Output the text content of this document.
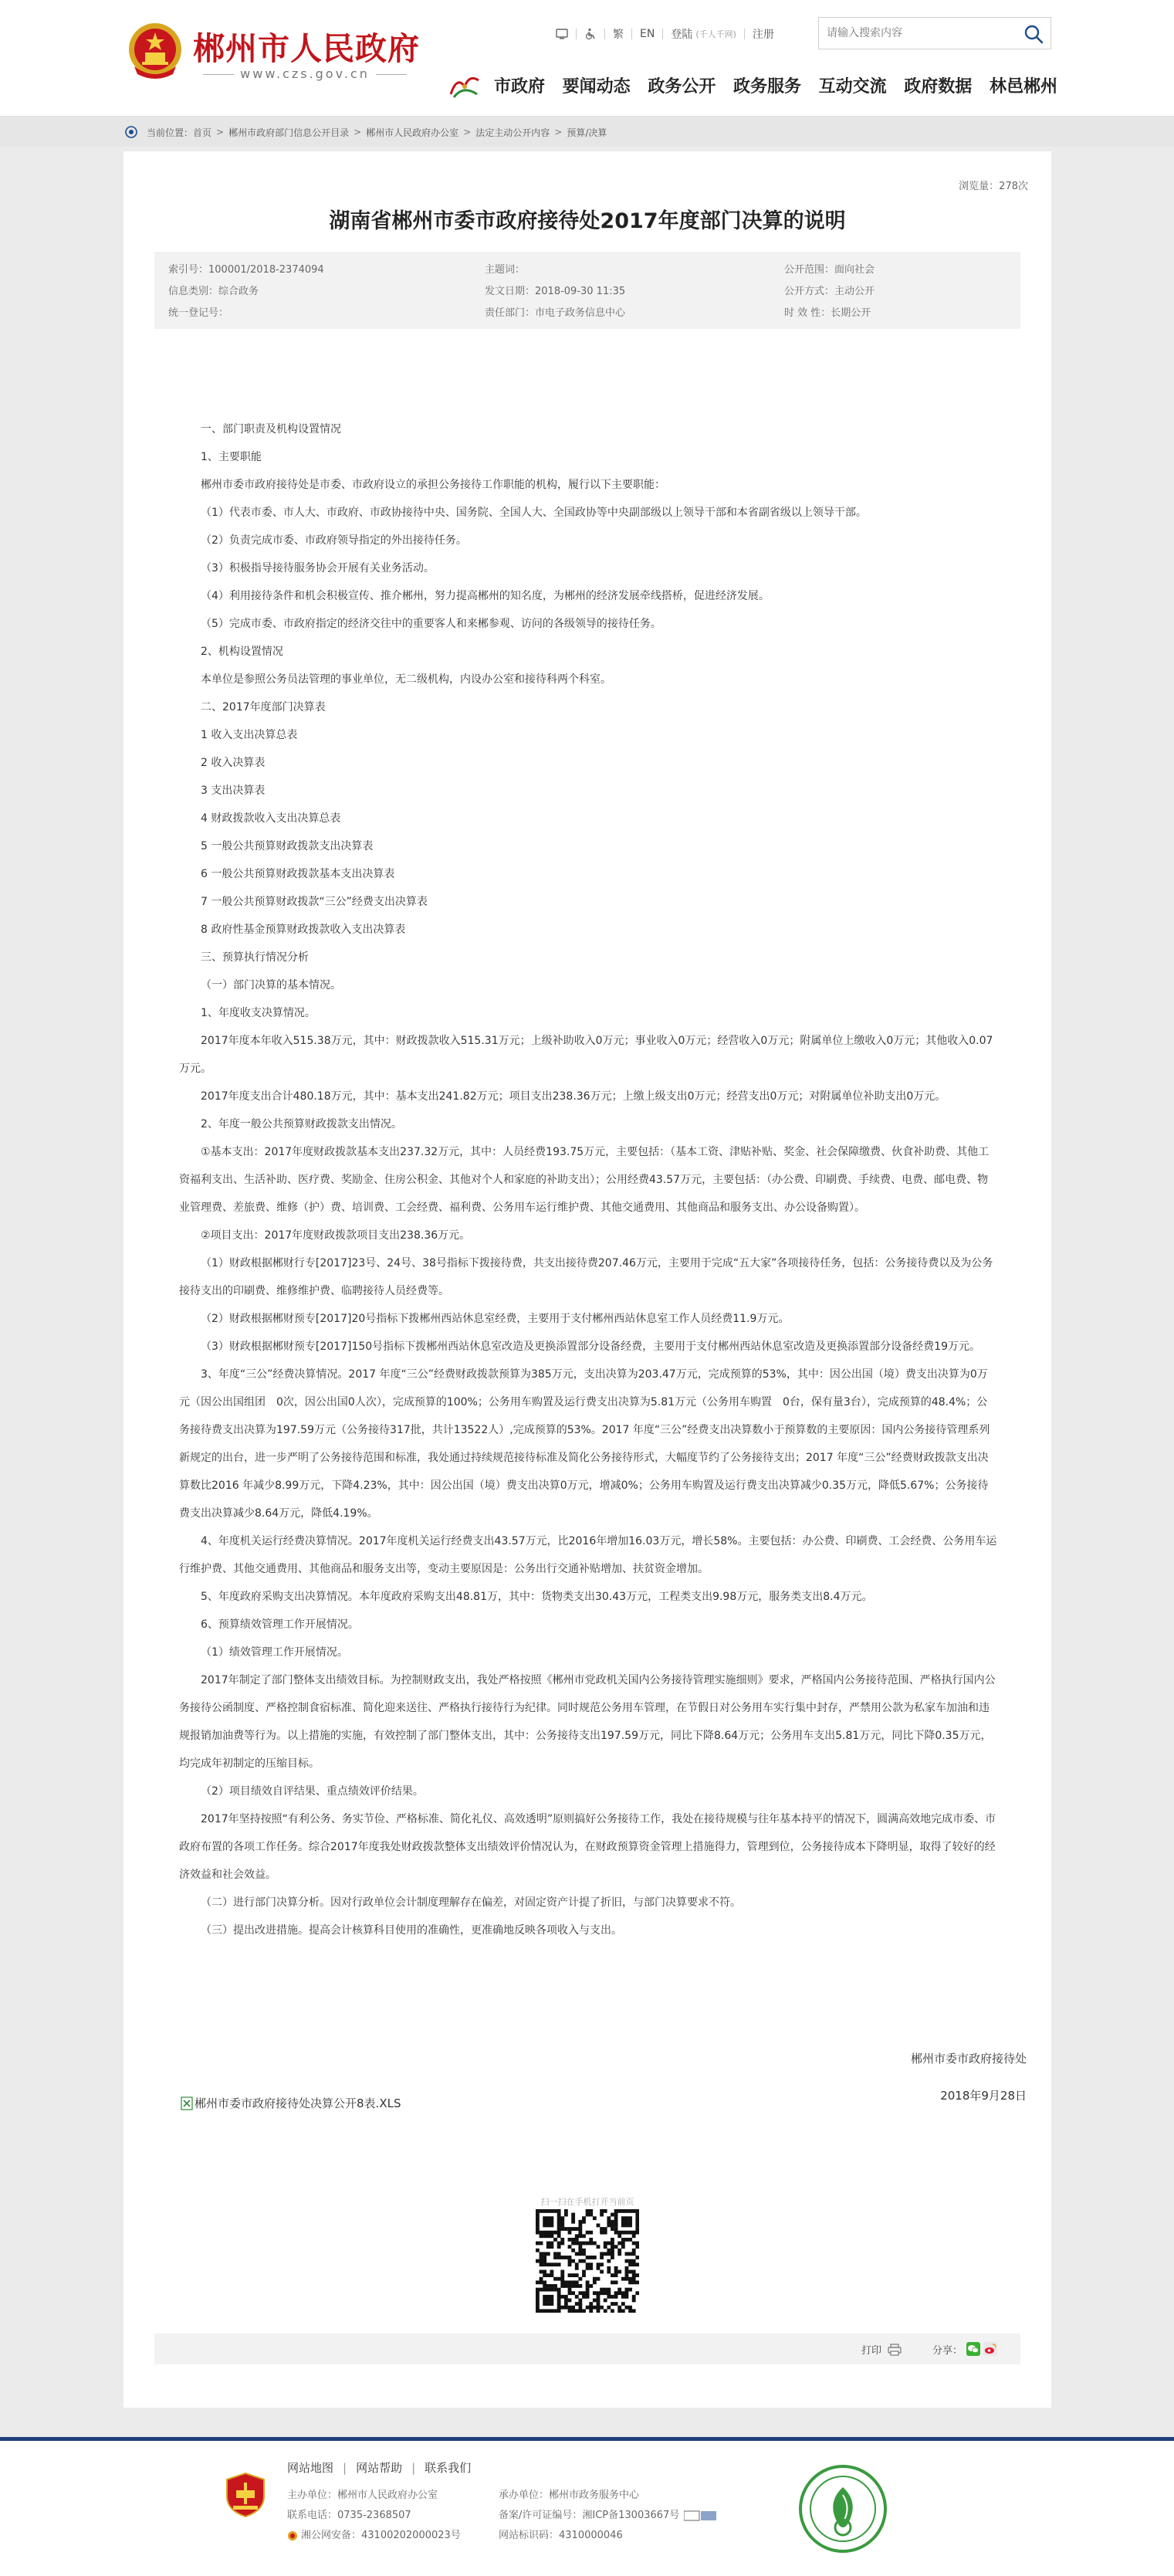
郴州市人民政府
www.czs.gov.cn
繁 EN 登陆 (千人千网) 注册
请输入搜索内容
市政府 要闻动态 政务公开 政务服务 互动交流 政府数据 林邑郴州
当前位置： 首页 > 郴州市政府部门信息公开目录 > 郴州市人民政府办公室 > 法定主动公开内容 > 预算/决算
浏览量：278次
湖南省郴州市委市政府接待处2017年度部门决算的说明
索引号：100001/2018-2374094	主题词：	公开范围：面向社会
信息类别：综合政务	发文日期：2018-09-30 11:35	公开方式：主动公开
统一登记号：	责任部门：市电子政务信息中心	时 效 性：长期公开

一、部门职责及机构设置情况

1、主要职能

郴州市委市政府接待处是市委、市政府设立的承担公务接待工作职能的机构，履行以下主要职能：

（1）代表市委、市人大、市政府、市政协接待中央、国务院、全国人大、全国政协等中央副部级以上领导干部和本省副省级以上领导干部。

（2）负责完成市委、市政府领导指定的外出接待任务。

（3）积极指导接待服务协会开展有关业务活动。

（4）利用接待条件和机会积极宣传、推介郴州，努力提高郴州的知名度，为郴州的经济发展牵线搭桥，促进经济发展。

（5）完成市委、市政府指定的经济交往中的重要客人和来郴参观、访问的各级领导的接待任务。

2、机构设置情况

本单位是参照公务员法管理的事业单位，无二级机构，内设办公室和接待科两个科室。

二、2017年度部门决算表

1 收入支出决算总表

2 收入决算表

3 支出决算表

4 财政拨款收入支出决算总表

5 一般公共预算财政拨款支出决算表

6 一般公共预算财政拨款基本支出决算表

7 一般公共预算财政拨款“三公”经费支出决算表

8 政府性基金预算财政拨款收入支出决算表

三、预算执行情况分析

（一）部门决算的基本情况。

1、年度收支决算情况。

2017年度本年收入515.38万元，其中：财政拨款收入515.31万元；上级补助收入0万元；事业收入0万元；经营收入0万元；附属单位上缴收入0万元；其他收入0.07万元。

2017年度支出合计480.18万元，其中：基本支出241.82万元；项目支出238.36万元；上缴上级支出0万元；经营支出0万元；对附属单位补助支出0万元。

2、年度一般公共预算财政拨款支出情况。

①基本支出：2017年度财政拨款基本支出237.32万元，其中：人员经费193.75万元，主要包括：（基本工资、津贴补贴、奖金、社会保障缴费、伙食补助费、其他工资福利支出、生活补助、医疗费、奖励金、住房公积金、其他对个人和家庭的补助支出）；公用经费43.57万元，主要包括：（办公费、印刷费、手续费、电费、邮电费、物业管理费、差旅费、维修（护）费、培训费、工会经费、福利费、公务用车运行维护费、其他交通费用、其他商品和服务支出、办公设备购置）。

②项目支出：2017年度财政拨款项目支出238.36万元。

（1）财政根据郴财行专[2017]23号、24号、38号指标下拨接待费，共支出接待费207.46万元，主要用于完成“五大家”各项接待任务，包括：公务接待费以及为公务接待支出的印刷费、维修维护费、临聘接待人员经费等。

（2）财政根据郴财预专[2017]20号指标下拨郴州西站休息室经费，主要用于支付郴州西站休息室工作人员经费11.9万元。

（3）财政根据郴财预专[2017]150号指标下拨郴州西站休息室改造及更换添置部分设备经费，主要用于支付郴州西站休息室改造及更换添置部分设备经费19万元。

3、年度“三公”经费决算情况。2017 年度“三公”经费财政拨款预算为385万元，支出决算为203.47万元，完成预算的53%，其中：因公出国（境）费支出决算为0万元（因公出国组团　0次，因公出国0人次），完成预算的100%；公务用车购置及运行费支出决算为5.81万元（公务用车购置　0台，保有量3台），完成预算的48.4%；公务接待费支出决算为197.59万元（公务接待317批，共计13522人）,完成预算的53%。2017 年度“三公”经费支出决算数小于预算数的主要原因：国内公务接待管理系列新规定的出台，进一步严明了公务接待范围和标准，我处通过持续规范接待标准及简化公务接待形式，大幅度节约了公务接待支出；2017 年度“三公”经费财政拨款支出决算数比2016 年减少8.99万元，下降4.23%，其中：因公出国（境）费支出决算0万元，增减0%；公务用车购置及运行费支出决算减少0.35万元，降低5.67%；公务接待费支出决算减少8.64万元，降低4.19%。

4、年度机关运行经费决算情况。2017年度机关运行经费支出43.57万元，比2016年增加16.03万元，增长58%。主要包括：办公费、印刷费、工会经费、公务用车运行维护费、其他交通费用、其他商品和服务支出等，变动主要原因是：公务出行交通补贴增加、扶贫资金增加。

5、年度政府采购支出决算情况。本年度政府采购支出48.81万，其中：货物类支出30.43万元，工程类支出9.98万元，服务类支出8.4万元。

6、预算绩效管理工作开展情况。

（1）绩效管理工作开展情况。

2017年制定了部门整体支出绩效目标。为控制财政支出，我处严格按照《郴州市党政机关国内公务接待管理实施细则》要求，严格国内公务接待范围、严格执行国内公务接待公函制度、严格控制食宿标准、简化迎来送往、严格执行接待行为纪律。同时规范公务用车管理，在节假日对公务用车实行集中封存，严禁用公款为私家车加油和违规报销加油费等行为。以上措施的实施，有效控制了部门整体支出，其中：公务接待支出197.59万元，同比下降8.64万元；公务用车支出5.81万元，同比下降0.35万元，均完成年初制定的压缩目标。

（2）项目绩效自评结果、重点绩效评价结果。

2017年坚持按照“有利公务、务实节俭、严格标准、简化礼仪、高效透明”原则搞好公务接待工作，我处在接待规模与往年基本持平的情况下，圆满高效地完成市委、市政府布置的各项工作任务。综合2017年度我处财政拨款整体支出绩效评价情况认为，在财政预算资金管理上措施得力，管理到位，公务接待成本下降明显，取得了较好的经济效益和社会效益。

（二）进行部门决算分析。因对行政单位会计制度理解存在偏差，对固定资产计提了折旧，与部门决算要求不符。

（三）提出改进措施。提高会计核算科目使用的准确性，更准确地反映各项收入与支出。

郴州市委市政府接待处
2018年9月28日
郴州市委市政府接待处决算公开8表.XLS
扫一扫在手机打开当前页
打印	分享：
网站地图 | 网站帮助 | 联系我们
主办单位：郴州市人民政府办公室	承办单位：郴州市政务服务中心
联系电话：0735-2368507	备案/许可证编号：湘ICP备13003667号
湘公网安备：43100202000023号	网站标识码：4310000046
